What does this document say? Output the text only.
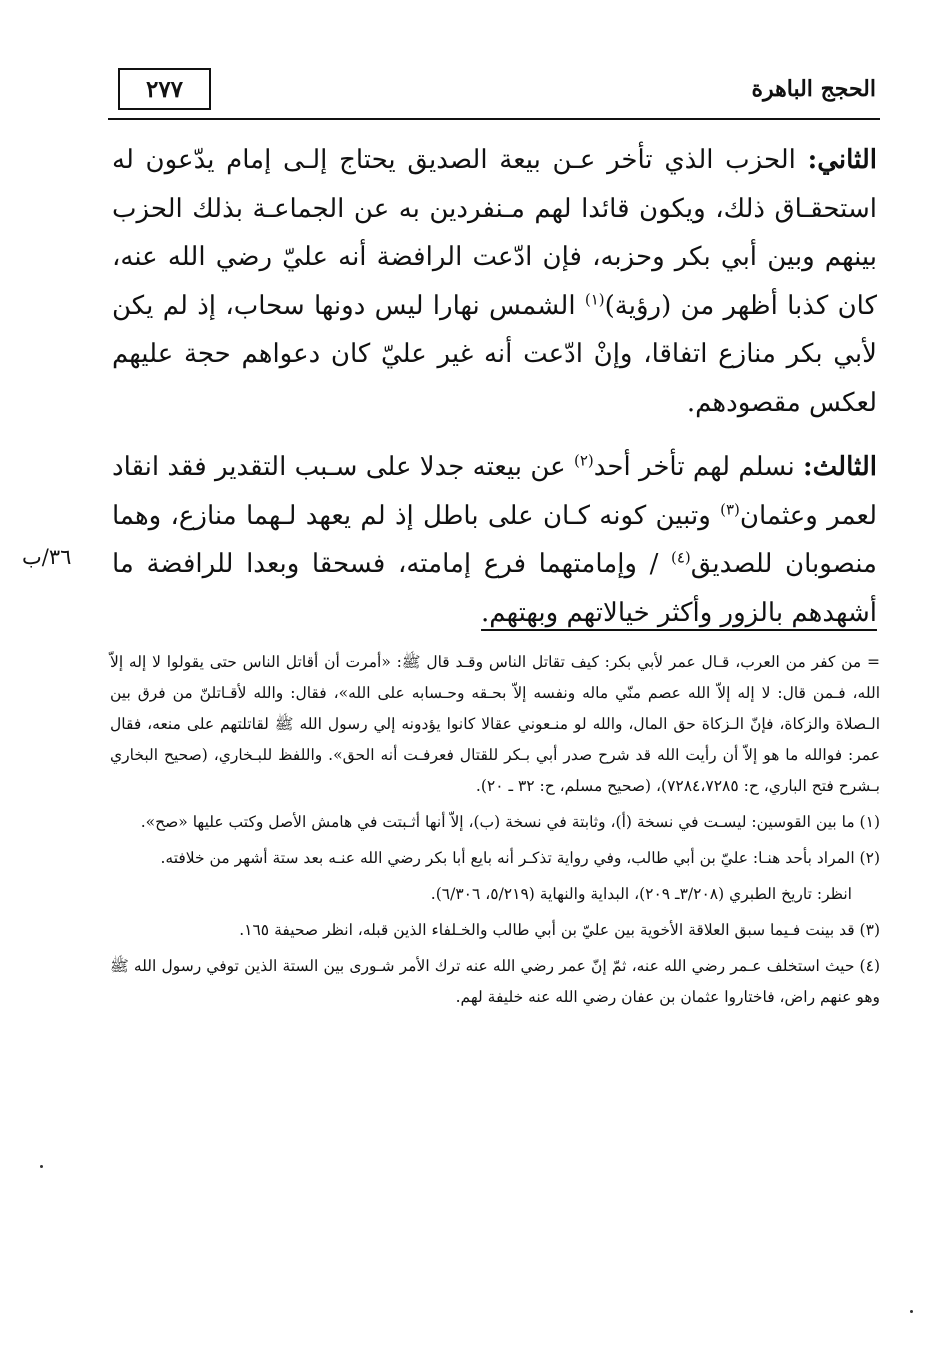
٢٧٧	الحجج الباهرة

الثاني: الحزب الذي تأخر عـن بيعة الصديق يحتاج إلـى إمام يدّعون له استحقـاق ذلك، ويكون قائدا لهم مـنفردين به عن الجماعـة بذلك الحزب بينهم وبين أبي بكر وحزبه، فإن ادّعت الرافضة أنه عليّ رضي الله عنه، كان كذبا أظهر من (رؤية)$^{(١)}$ الشمس نهارا ليس دونها سحاب، إذ لم يكن لأبي بكر منازع اتفاقا، وإنْ ادّعت أنه غير عليّ كان دعواهم حجة عليهم لعكس مقصودهم.

الثالث: نسلم لهم تأخر أحد$^{(٢)}$ عن بيعته جدلا على سـبب التقدير فقد انقاد لعمر وعثمان$^{(٣)}$ وتبين كونه كـان على باطل إذ لم يعهد لـهما منازع، وهما منصوبان للصديق$^{(٤)}$ / وإمامتهما فرع إمامته، فسحقا وبعدا للرافضة ما أشهدهم بالزور وأكثر خيالاتهم وبهتهم.

٣٦/ب

= من كفر من العرب، قـال عمر لأبي بكر: كيف تقاتل الناس وقـد قال ﷺ: «أمرت أن أقاتل الناس حتى يقولوا لا إله إلاّ الله، فـمن قال: لا إله إلاّ الله عصم منّي ماله ونفسه إلاّ بحـقه وحـسابه على الله»، فقال: والله لأقـاتلنّ من فرق بين الـصلاة والزكاة، فإنّ الـزكاة حق المال، والله لو منـعوني عقالا كانوا يؤدونه إلي رسول الله ﷺ لقاتلتهم على منعه، فقال عمر: فوالله ما هو إلاّ أن رأيت الله قد شرح صدر أبي بـكر للقتال فعرفـت أنه الحق». واللفظ للبـخاري، (صحيح البخاري بـشرح فتح الباري، ح: ٧٢٨٤،٧٢٨٥)، (صحيح مسلم، ح: ٣٢ ـ ٢٠).

(١) ما بين القوسين: ليسـت في نسخة (أ)، وثابتة في نسخة (ب)، إلاّ أنها أثـبتت في هامش الأصل وكتب عليها «صح».

(٢) المراد بأحد هنـا: عليّ بن أبي طالب، وفي رواية تذكـر أنه بايع أبا بكر رضي الله عنـه بعد ستة أشهر من خلافته.

انظر: تاريخ الطبري (٣/٢٠٨ـ ٢٠٩)، البداية والنهاية (٥/٢١٩، ٦/٣٠٦).

(٣) قد بينت فـيما سبق العلاقة الأخوية بين عليّ بن أبي طالب والخـلفاء الذين قبله، انظر صحيفة ١٦٥.

(٤) حيث استخلف عـمر رضي الله عنه، ثمّ إنّ عمر رضي الله عنه ترك الأمر شـورى بين الستة الذين توفي رسول الله ﷺ وهو عنهم راض، فاختاروا عثمان بن عفان رضي الله عنه خليفة لهم.
